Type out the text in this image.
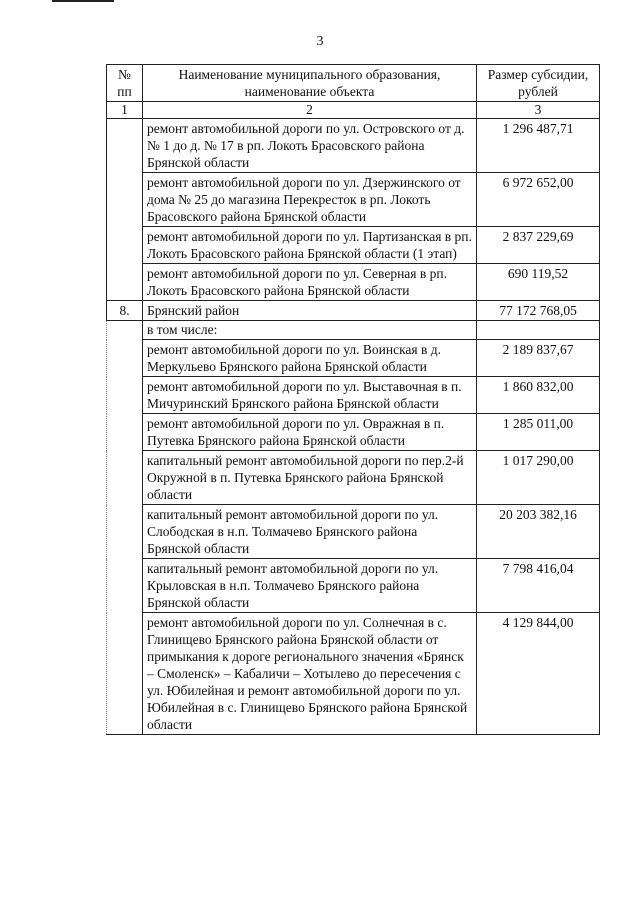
3
№ пп	Наименование муниципального образования, наименование объекта	Размер субсидии, рублей
1	2	3
	ремонт автомобильной дороги по ул. Островского от д. № 1 до д. № 17 в рп. Локоть Брасовского района Брянской области	1 296 487,71
	ремонт автомобильной дороги по ул. Дзержинского от дома № 25 до магазина Перекресток в рп. Локоть Брасовского района Брянской области	6 972 652,00
	ремонт автомобильной дороги по ул. Партизанская в рп. Локоть Брасовского района Брянской области (1 этап)	2 837 229,69
	ремонт автомобильной дороги по ул. Северная в рп. Локоть Брасовского района Брянской области	690 119,52
8.	Брянский район	77 172 768,05
	в том числе:	
	ремонт автомобильной дороги по ул. Воинская в д. Меркульево Брянского района Брянской области	2 189 837,67
	ремонт автомобильной дороги по ул. Выставочная в п. Мичуринский Брянского района Брянской области	1 860 832,00
	ремонт автомобильной дороги по ул. Овражная в п. Путевка Брянского района Брянской области	1 285 011,00
	капитальный ремонт автомобильной дороги по пер.2-й Окружной в п. Путевка Брянского района Брянской области	1 017 290,00
	капитальный ремонт автомобильной дороги по ул. Слободская в н.п. Толмачево Брянского района Брянской области	20 203 382,16
	капитальный ремонт автомобильной дороги по ул. Крыловская в н.п. Толмачево Брянского района Брянской области	7 798 416,04
	ремонт автомобильной дороги по ул. Солнечная в с. Глинищево Брянского района Брянской области от примыкания к дороге регионального значения «Брянск – Смоленск» – Кабаличи – Хотылево до пересечения с ул. Юбилейная и ремонт автомобильной дороги по ул. Юбилейная в с. Глинищево Брянского района Брянской области	4 129 844,00
